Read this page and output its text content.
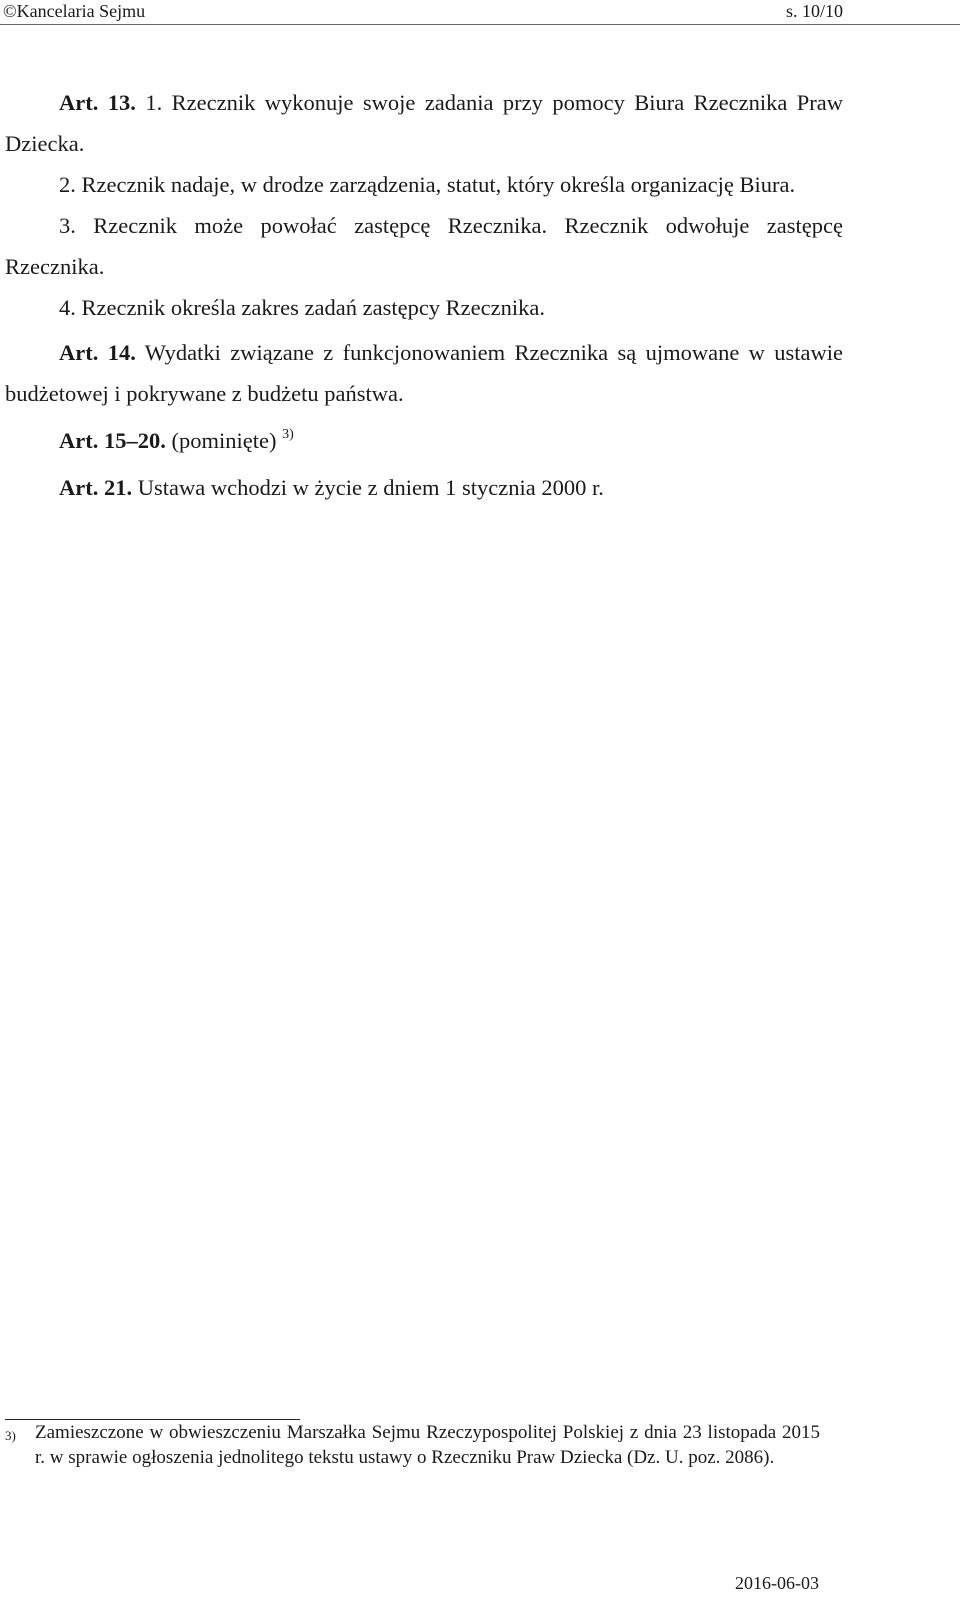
©Kancelaria Sejmu	s. 10/10

Art. 13. 1. Rzecznik wykonuje swoje zadania przy pomocy Biura Rzecznika Praw Dziecka.

2. Rzecznik nadaje, w drodze zarządzenia, statut, który określa organizację Biura.

3. Rzecznik może powołać zastępcę Rzecznika. Rzecznik odwołuje zastępcę Rzecznika.

4. Rzecznik określa zakres zadań zastępcy Rzecznika.

Art. 14. Wydatki związane z funkcjonowaniem Rzecznika są ujmowane w ustawie budżetowej i pokrywane z budżetu państwa.

Art. 15–20. (pominięte) $^{3)}$

Art. 21. Ustawa wchodzi w życie z dniem 1 stycznia 2000 r.

3) Zamieszczone w obwieszczeniu Marszałka Sejmu Rzeczypospolitej Polskiej z dnia 23 listopada 2015 r. w sprawie ogłoszenia jednolitego tekstu ustawy o Rzeczniku Praw Dziecka (Dz. U. poz. 2086).
2016-06-03
